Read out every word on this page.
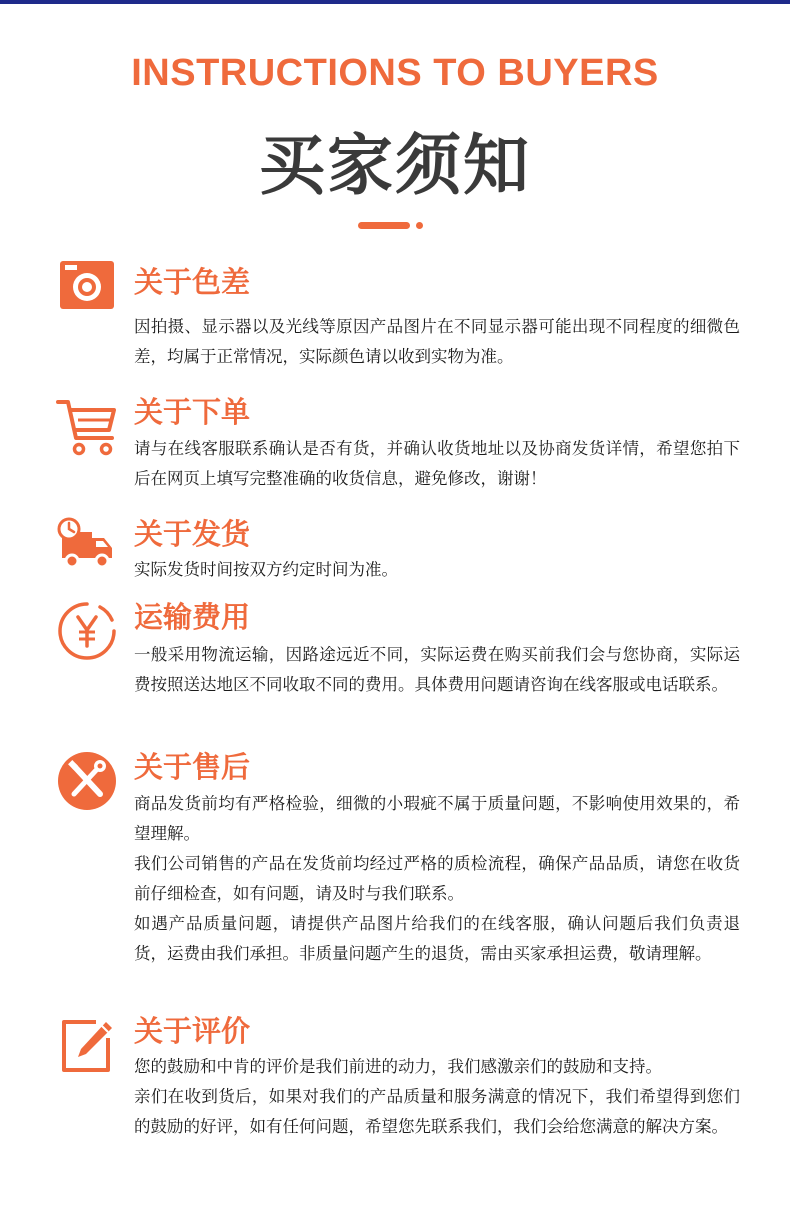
INSTRUCTIONS TO BUYERS
买家须知
关于色差

因拍摄、显示器以及光线等原因产品图片在不同显示器可能出现不同程度的细微色差，均属于正常情况，实际颜色请以收到实物为准。

关于下单

请与在线客服联系确认是否有货，并确认收货地址以及协商发货详情，希望您拍下后在网页上填写完整准确的收货信息，避免修改，谢谢！

关于发货

实际发货时间按双方约定时间为准。

运输费用

一般采用物流运输，因路途远近不同，实际运费在购买前我们会与您协商，实际运费按照送达地区不同收取不同的费用。具体费用问题请咨询在线客服或电话联系。

关于售后

商品发货前均有严格检验，细微的小瑕疵不属于质量问题，不影响使用效果的，希望理解。

我们公司销售的产品在发货前均经过严格的质检流程，确保产品品质，请您在收货前仔细检查，如有问题，请及时与我们联系。

如遇产品质量问题，请提供产品图片给我们的在线客服，确认问题后我们负责退货，运费由我们承担。非质量问题产生的退货，需由买家承担运费，敬请理解。

关于评价

您的鼓励和中肯的评价是我们前进的动力，我们感激亲们的鼓励和支持。

亲们在收到货后，如果对我们的产品质量和服务满意的情况下，我们希望得到您们的鼓励的好评，如有任何问题，希望您先联系我们，我们会给您满意的解决方案。
